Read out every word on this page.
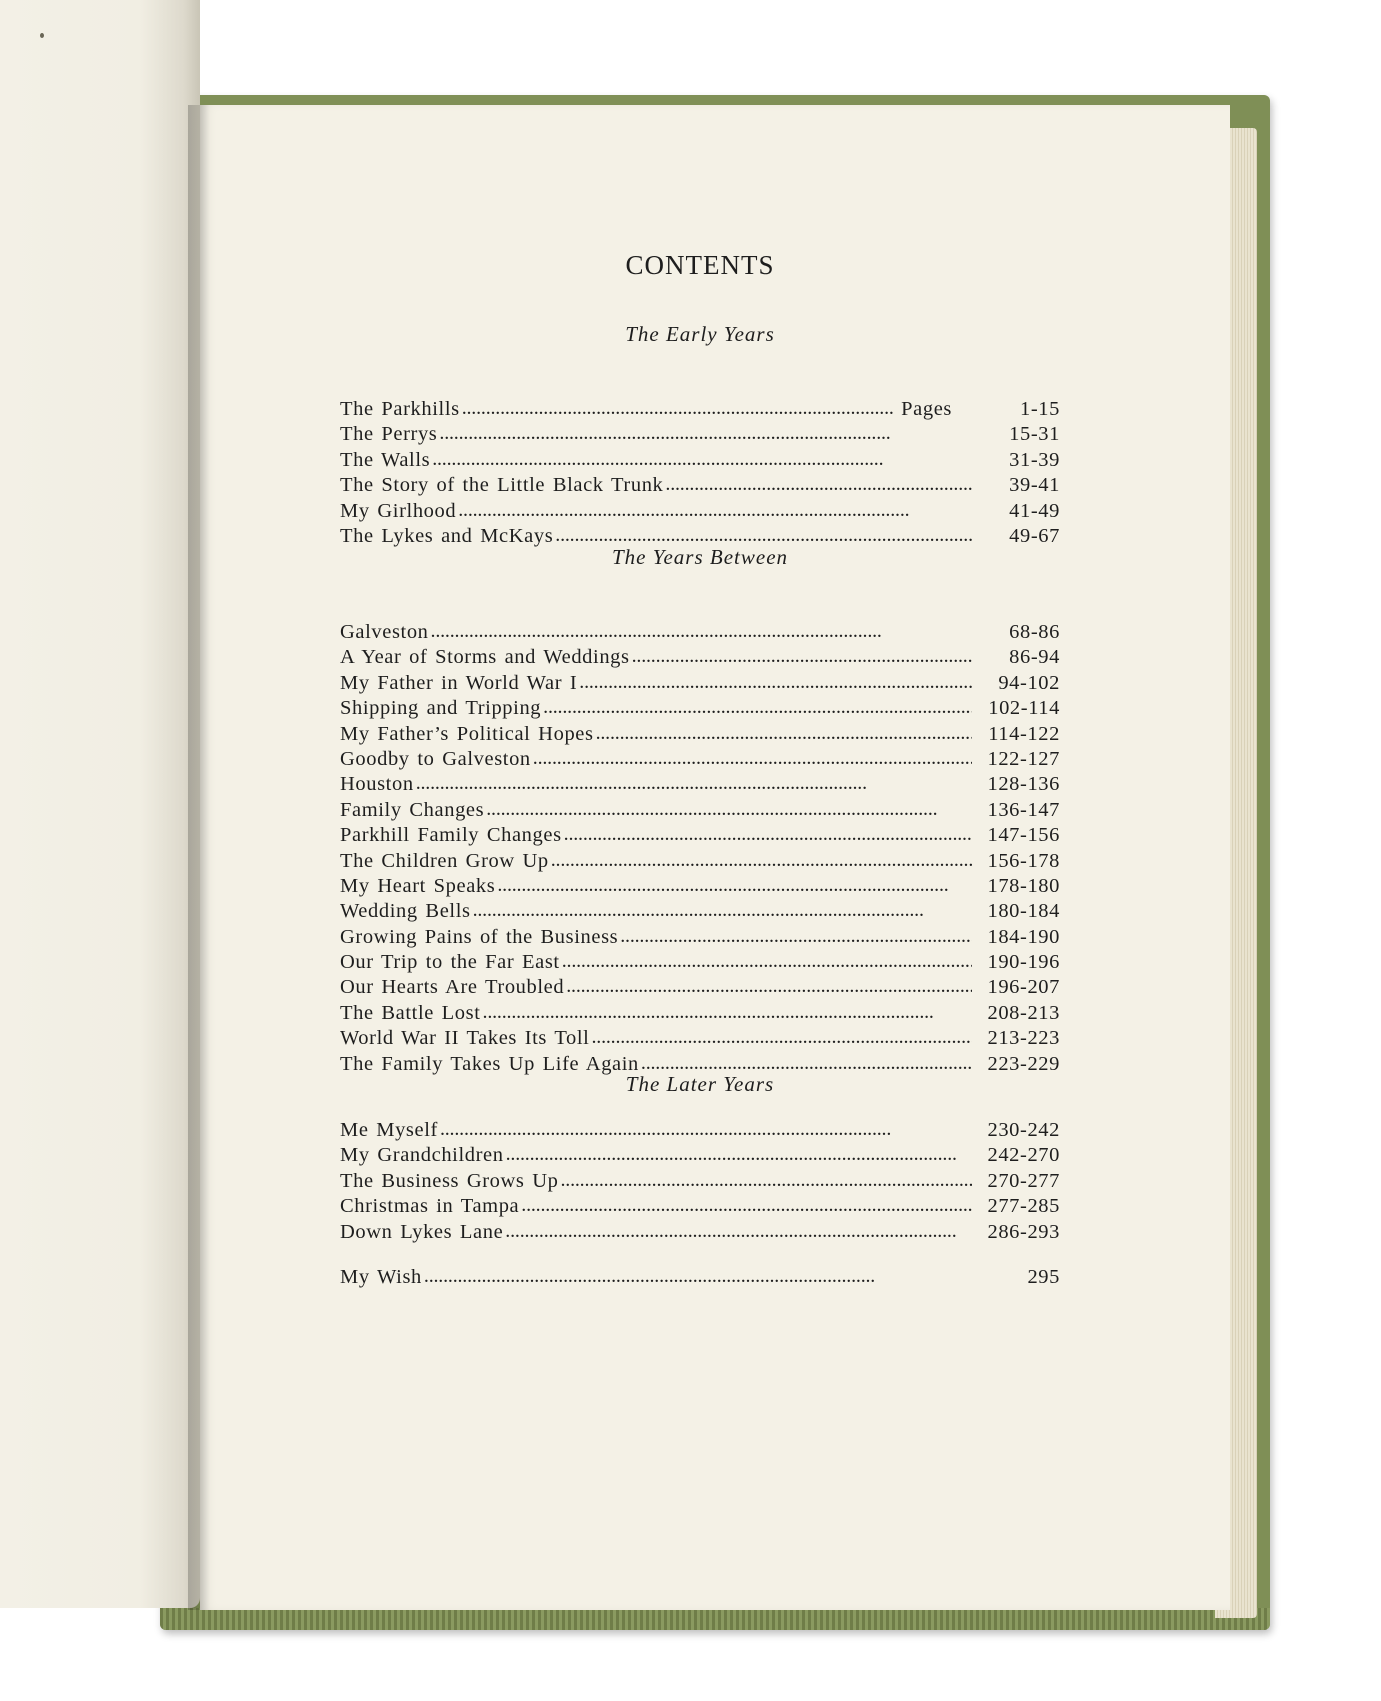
CONTENTS
The Early Years
The Parkhills . . .	Pages	1-15
The Perrys . . .	15-31
The Walls . . .	31-39
The Story of the Little Black Trunk . . .	39-41
My Girlhood . . .	41-49
The Lykes and McKays . . .	49-67
The Years Between
Galveston . . .	68-86
A Year of Storms and Weddings . . .	86-94
My Father in World War I . . .	94-102
Shipping and Tripping . . .	102-114
My Father’s Political Hopes . . .	114-122
Goodby to Galveston . . .	122-127
Houston . . .	128-136
Family Changes . . .	136-147
Parkhill Family Changes . . .	147-156
The Children Grow Up . . .	156-178
My Heart Speaks . . .	178-180
Wedding Bells . . .	180-184
Growing Pains of the Business . . .	184-190
Our Trip to the Far East . . .	190-196
Our Hearts Are Troubled . . .	196-207
The Battle Lost . . .	208-213
World War II Takes Its Toll . . .	213-223
The Family Takes Up Life Again . . .	223-229
The Later Years
Me Myself . . .	230-242
My Grandchildren . . .	242-270
The Business Grows Up . . .	270-277
Christmas in Tampa . . .	277-285
Down Lykes Lane . . .	286-293
My Wish . . .	295
